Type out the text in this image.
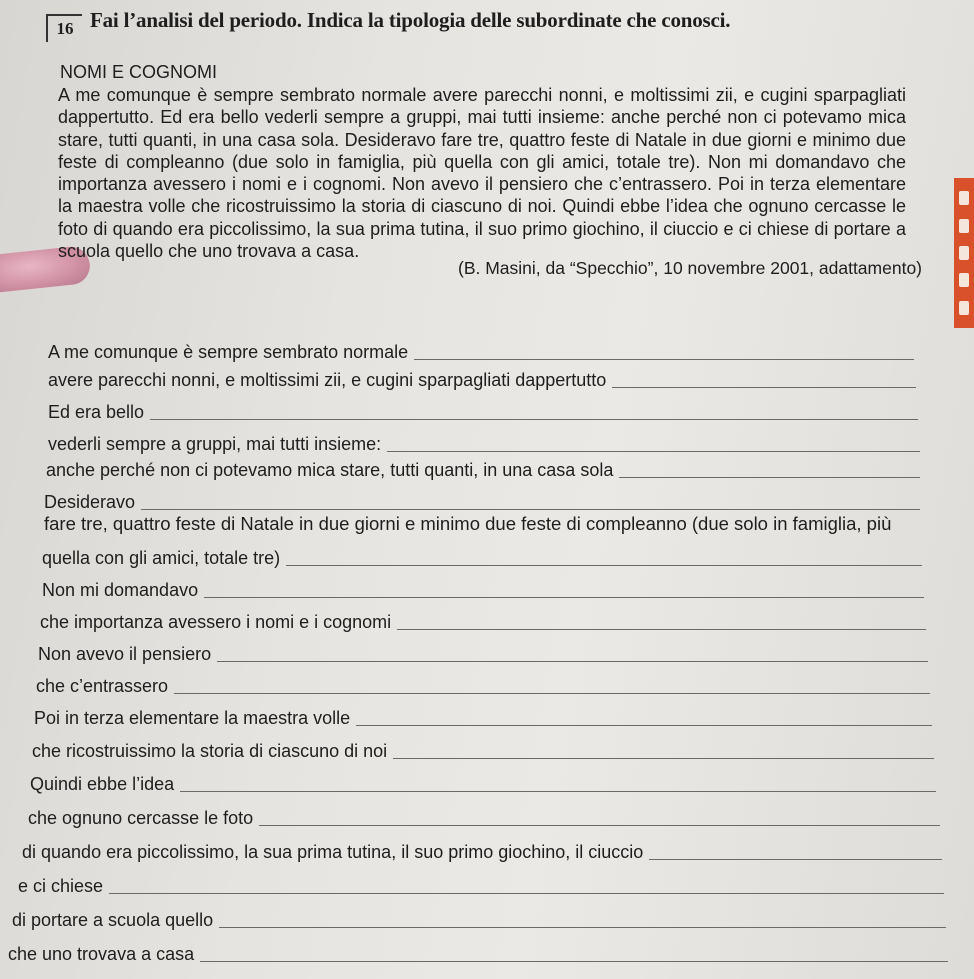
16 Fai l’analisi del periodo. Indica la tipologia delle subordinate che conosci.
NOMI E COGNOMI
A me comunque è sempre sembrato normale avere parecchi nonni, e moltissimi zii, e cugini sparpagliati dappertutto. Ed era bello vederli sempre a gruppi, mai tutti insieme: anche perché non ci potevamo mica stare, tutti quanti, in una casa sola. Desideravo fare tre, quattro feste di Natale in due giorni e minimo due feste di compleanno (due solo in famiglia, più quella con gli amici, totale tre). Non mi domandavo che importanza avessero i nomi e i cognomi. Non avevo il pensiero che c’entrassero. Poi in terza elementare la maestra volle che ricostruissimo la storia di ciascuno di noi. Quindi ebbe l’idea che ognuno cercasse le foto di quando era piccolissimo, la sua prima tutina, il suo primo giochino, il ciuccio e ci chiese di portare a scuola quello che uno trovava a casa.
(B. Masini, da “Specchio”, 10 novembre 2001, adattamento)
A me comunque è sempre sembrato normale
avere parecchi nonni, e moltissimi zii, e cugini sparpagliati dappertutto
Ed era bello
vederli sempre a gruppi, mai tutti insieme:
anche perché non ci potevamo mica stare, tutti quanti, in una casa sola
Desideravo
fare tre, quattro feste di Natale in due giorni e minimo due feste di compleanno (due solo in famiglia, più
quella con gli amici, totale tre)
Non mi domandavo
che importanza avessero i nomi e i cognomi
Non avevo il pensiero
che c’entrassero
Poi in terza elementare la maestra volle
che ricostruissimo la storia di ciascuno di noi
Quindi ebbe l’idea
che ognuno cercasse le foto
di quando era piccolissimo, la sua prima tutina, il suo primo giochino, il ciuccio
e ci chiese
di portare a scuola quello
che uno trovava a casa
